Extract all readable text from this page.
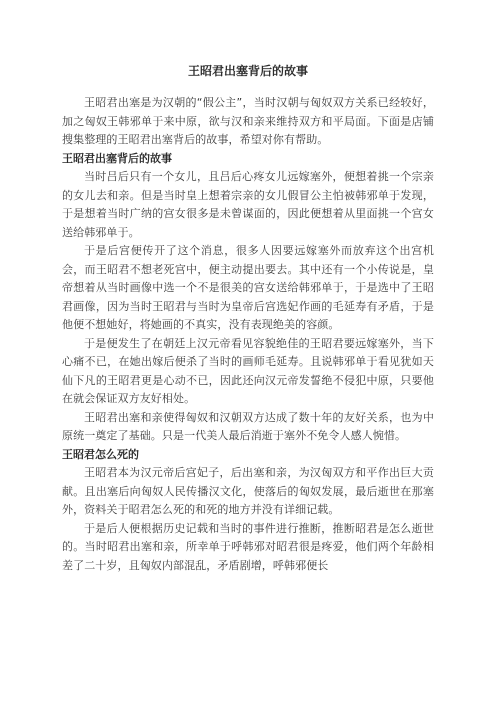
王昭君出塞背后的故事

王昭君出塞是为汉朝的“假公主”，当时汉朝与匈奴双方关系已经较好，加之匈奴王韩邪单于来中原，欲与汉和亲来维持双方和平局面。下面是店铺搜集整理的王昭君出塞背后的故事，希望对你有帮助。

王昭君出塞背后的故事

当时吕后只有一个女儿，且吕后心疼女儿远嫁塞外，便想着挑一个宗亲的女儿去和亲。但是当时皇上想着宗亲的女儿假冒公主怕被韩邪单于发现，于是想着当时广纳的宫女很多是未曾谋面的，因此便想着从里面挑一个宫女送给韩邪单于。

于是后宫便传开了这个消息，很多人因要远嫁塞外而放弃这个出宫机会，而王昭君不想老死宫中，便主动提出要去。其中还有一个小传说是，皇帝想着从当时画像中选一个不是很美的宫女送给韩邪单于，于是选中了王昭君画像，因为当时王昭君与当时为皇帝后宫选妃作画的毛延寿有矛盾，于是他便不想她好，将她画的不真实，没有表现绝美的容颜。

于是便发生了在朝廷上汉元帝看见容貌绝佳的王昭君要远嫁塞外，当下心痛不已，在她出嫁后便杀了当时的画师毛延寿。且说韩邪单于看见犹如天仙下凡的王昭君更是心动不已，因此还向汉元帝发誓绝不侵犯中原，只要他在就会保证双方友好相处。

王昭君出塞和亲使得匈奴和汉朝双方达成了数十年的友好关系，也为中原统一奠定了基础。只是一代美人最后消逝于塞外不免令人感人惋惜。

王昭君怎么死的

王昭君本为汉元帝后宫妃子，后出塞和亲，为汉匈双方和平作出巨大贡献。且出塞后向匈奴人民传播汉文化，使落后的匈奴发展，最后逝世在那塞外，资料关于昭君怎么死的和死的地方并没有详细记载。

于是后人便根据历史记载和当时的事件进行推断，推断昭君是怎么逝世的。当时昭君出塞和亲，所幸单于呼韩邪对昭君很是疼爱，他们两个年龄相差了二十岁，且匈奴内部混乱，矛盾剧增，呼韩邪便长
